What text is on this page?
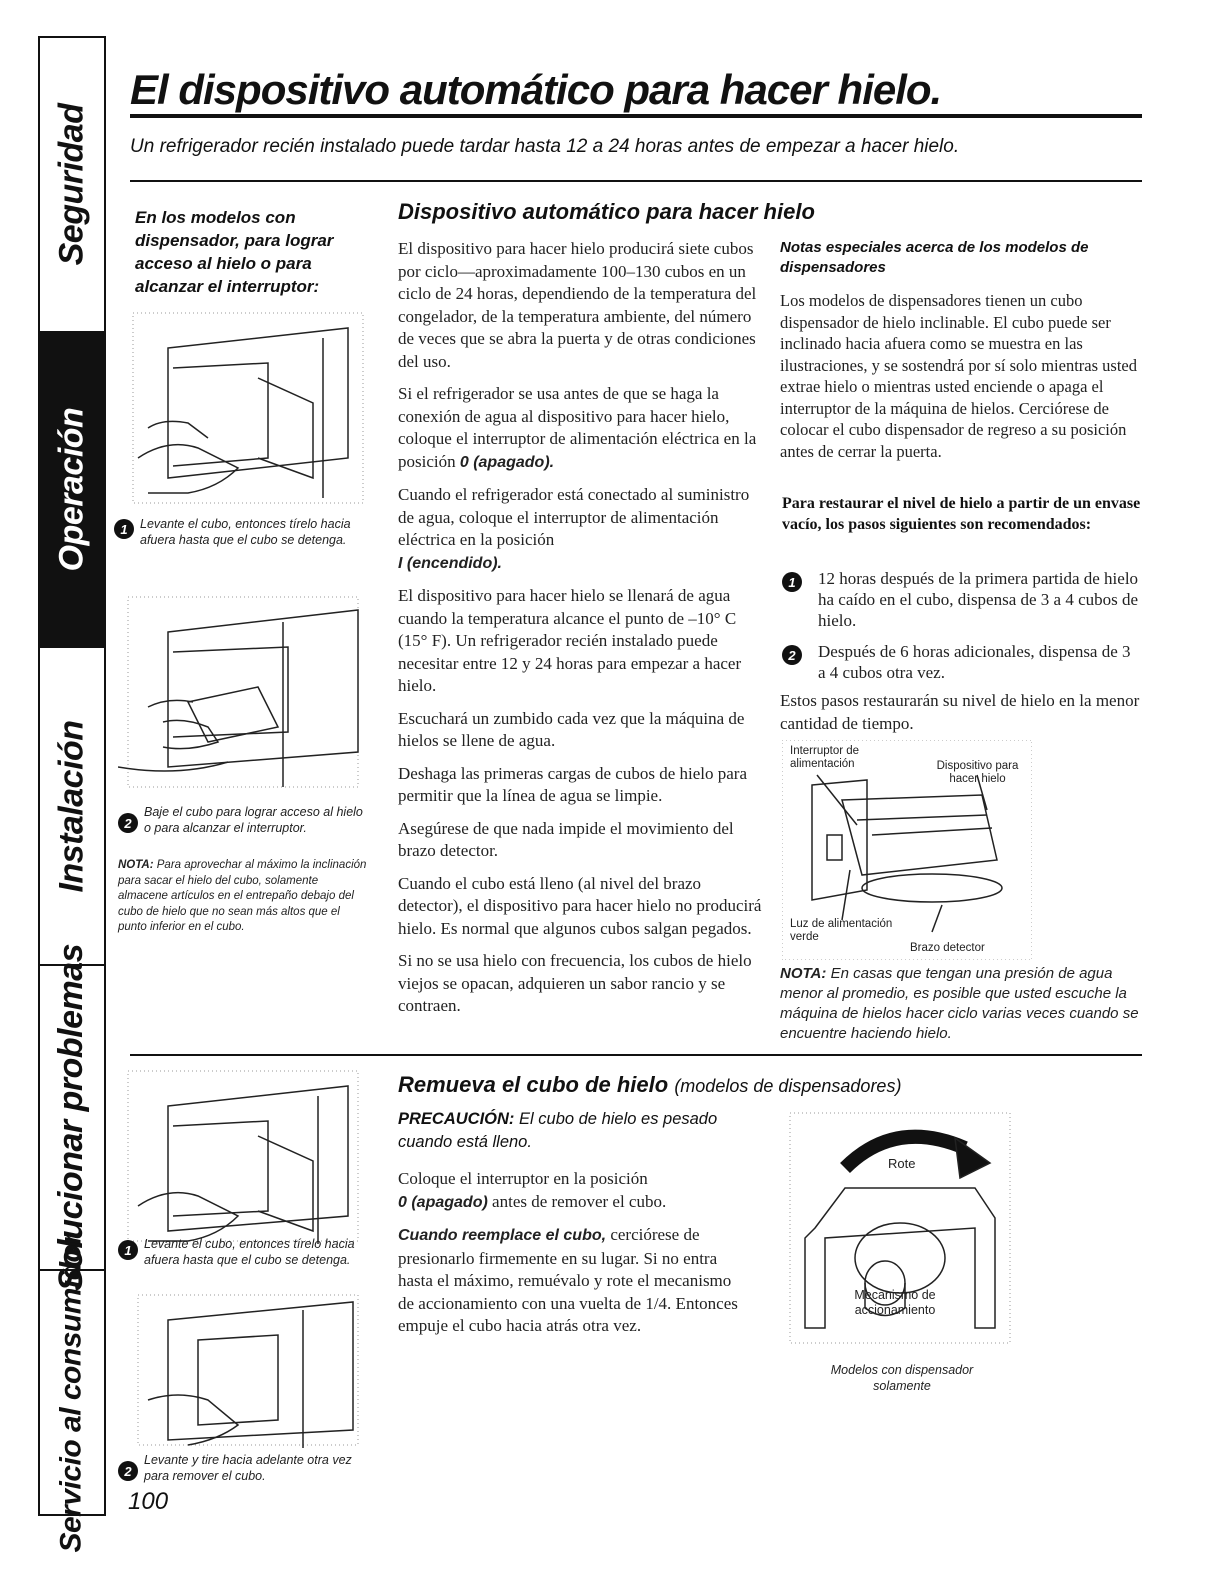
Seguridad
Operación
Instalación
Solucionar problemas
Servicio al consumidor
El dispositivo automático para hacer hielo.
Un refrigerador recién instalado puede tardar hasta 12 a 24 horas antes de empezar a hacer hielo.
En los modelos con dispensador, para lograr acceso al hielo o para alcanzar el interruptor:
1 Levante el cubo, entonces tírelo hacia afuera hasta que el cubo se detenga.
2
Baje el cubo para lograr acceso al hielo o para alcanzar el interruptor.
NOTA: Para aprovechar al máximo la inclinación para sacar el hielo del cubo, solamente almacene artículos en el entrepaño debajo del cubo de hielo que no sean más altos que el punto inferior en el cubo.
Dispositivo automático para hacer hielo

El dispositivo para hacer hielo producirá siete cubos por ciclo—aproximadamente 100–130 cubos en un ciclo de 24 horas, dependiendo de la temperatura del congelador, de la temperatura ambiente, del número de veces que se abra la puerta y de otras condiciones del uso.

Si el refrigerador se usa antes de que se haga la conexión de agua al dispositivo para hacer hielo, coloque el interruptor de alimentación eléctrica en la posición 0 (apagado).

Cuando el refrigerador está conectado al suministro de agua, coloque el interruptor de alimentación eléctrica en la posición
I (encendido).

El dispositivo para hacer hielo se llenará de agua cuando la temperatura alcance el punto de –10° C (15° F). Un refrigerador recién instalado puede necesitar entre 12 y 24 horas para empezar a hacer hielo.

Escuchará un zumbido cada vez que la máquina de hielos se llene de agua.

Deshaga las primeras cargas de cubos de hielo para permitir que la línea de agua se limpie.

Asegúrese de que nada impide el movimiento del brazo detector.

Cuando el cubo está lleno (al nivel del brazo detector), el dispositivo para hacer hielo no producirá hielo. Es normal que algunos cubos salgan pegados.

Si no se usa hielo con frecuencia, los cubos de hielo viejos se opacan, adquieren un sabor rancio y se contraen.

Notas especiales acerca de los modelos de dispensadores
Los modelos de dispensadores tienen un cubo dispensador de hielo inclinable. El cubo puede ser inclinado hacia afuera como se muestra en las ilustraciones, y se sostendrá por sí solo mientras usted extrae hielo o mientras usted enciende o apaga el interruptor de la máquina de hielos. Cerciórese de colocar el cubo dispensador de regreso a su posición antes de cerrar la puerta.
Para restaurar el nivel de hielo a partir de un envase vacío, los pasos siguientes son recomendados:
1	12 horas después de la primera partida de hielo ha caído en el cubo, dispensa de 3 a 4 cubos de hielo.
2	Después de 6 horas adicionales, dispensa de 3 a 4 cubos otra vez.
Estos pasos restaurarán su nivel de hielo en la menor cantidad de tiempo.
Interruptor de alimentación	Dispositivo para hacer hielo
Luz de alimentación verde
Brazo detector
NOTA: En casas que tengan una presión de agua menor al promedio, es posible que usted escuche la máquina de hielos hacer ciclo varias veces cuando se encuentre haciendo hielo.
Remueva el cubo de hielo (modelos de dispensadores)
PRECAUCIÓN: El cubo de hielo es pesado cuando está lleno.

Coloque el interruptor en la posición
0 (apagado) antes de remover el cubo.

Cuando reemplace el cubo, cerciórese de presionarlo firmemente en su lugar. Si no entra hasta el máximo, remuévalo y rote el mecanismo de accionamiento con una vuelta de 1/4. Entonces empuje el cubo hacia atrás otra vez.

1 Levante el cubo, entonces tírelo hacia afuera hasta que el cubo se detenga.
2
Levante y tire hacia adelante otra vez para remover el cubo.
Rote
Mecanismo de accionamiento
Modelos con dispensador solamente
100
